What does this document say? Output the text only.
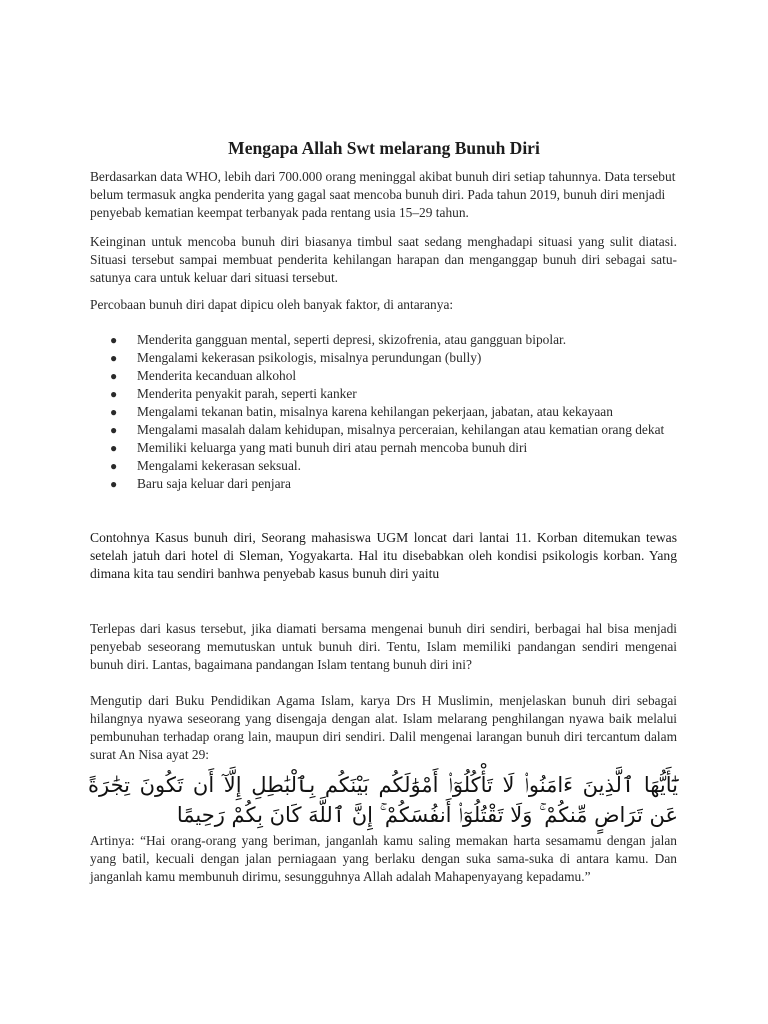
Mengapa Allah Swt melarang Bunuh Diri

Berdasarkan data WHO, lebih dari 700.000 orang meninggal akibat bunuh diri setiap tahunnya. Data tersebut belum termasuk angka penderita yang gagal saat mencoba bunuh diri. Pada tahun 2019, bunuh diri menjadi penyebab kematian keempat terbanyak pada rentang usia 15–29 tahun.

Keinginan untuk mencoba bunuh diri biasanya timbul saat sedang menghadapi situasi yang sulit diatasi. Situasi tersebut sampai membuat penderita kehilangan harapan dan menganggap bunuh diri sebagai satu-satunya cara untuk keluar dari situasi tersebut.

Percobaan bunuh diri dapat dipicu oleh banyak faktor, di antaranya:

● Menderita gangguan mental, seperti depresi, skizofrenia, atau gangguan bipolar.
● Mengalami kekerasan psikologis, misalnya perundungan (bully)
● Menderita kecanduan alkohol
● Menderita penyakit parah, seperti kanker
● Mengalami tekanan batin, misalnya karena kehilangan pekerjaan, jabatan, atau kekayaan
● Mengalami masalah dalam kehidupan, misalnya perceraian, kehilangan atau kematian orang dekat
● Memiliki keluarga yang mati bunuh diri atau pernah mencoba bunuh diri
● Mengalami kekerasan seksual.
● Baru saja keluar dari penjara

Contohnya Kasus bunuh diri, Seorang mahasiswa UGM loncat dari lantai 11. Korban ditemukan tewas setelah jatuh dari hotel di Sleman, Yogyakarta. Hal itu disebabkan oleh kondisi psikologis korban. Yang dimana kita tau sendiri banhwa penyebab kasus bunuh diri yaitu

Terlepas dari kasus tersebut, jika diamati bersama mengenai bunuh diri sendiri, berbagai hal bisa menjadi penyebab seseorang memutuskan untuk bunuh diri. Tentu, Islam memiliki pandangan sendiri mengenai bunuh diri. Lantas, bagaimana pandangan Islam tentang bunuh diri ini?

Mengutip dari Buku Pendidikan Agama Islam, karya Drs H Muslimin, menjelaskan bunuh diri sebagai hilangnya nyawa seseorang yang disengaja dengan alat. Islam melarang penghilangan nyawa baik melalui pembunuhan terhadap orang lain, maupun diri sendiri. Dalil mengenai larangan bunuh diri tercantum dalam surat An Nisa ayat 29:

يَٰٓأَيُّهَا ٱلَّذِينَ ءَامَنُوا۟ لَا تَأْكُلُوٓا۟ أَمْوَٰلَكُم بَيْنَكُم بِٱلْبَٰطِلِ إِلَّآ أَن تَكُونَ تِجَٰرَةً عَن تَرَاضٍ مِّنكُمْ ۚ وَلَا تَقْتُلُوٓا۟ أَنفُسَكُمْ ۚ إِنَّ ٱللَّهَ كَانَ بِكُمْ رَحِيمًا

Artinya: “Hai orang-orang yang beriman, janganlah kamu saling memakan harta sesamamu dengan jalan yang batil, kecuali dengan jalan perniagaan yang berlaku dengan suka sama-suka di antara kamu. Dan janganlah kamu membunuh dirimu, sesungguhnya Allah adalah Mahapenyayang kepadamu.”
